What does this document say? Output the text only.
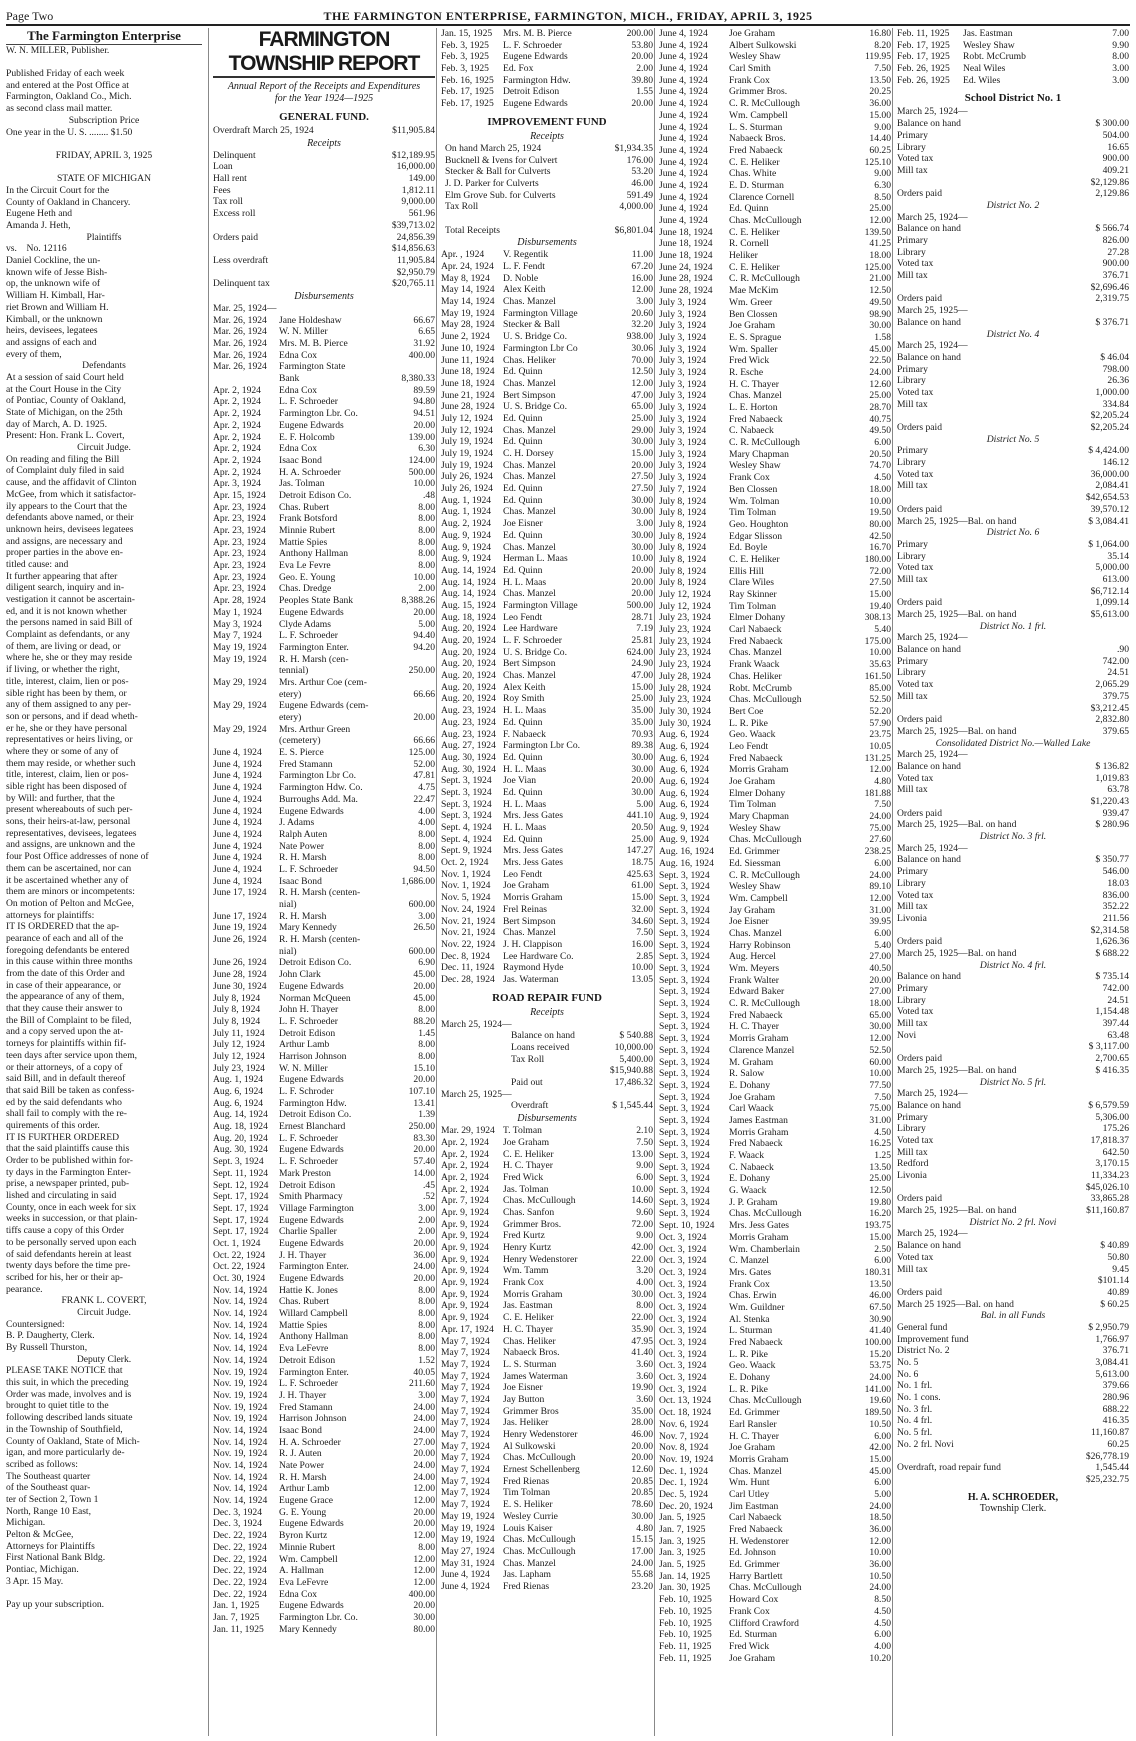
Page Two	THE FARMINGTON ENTERPRISE, FARMINGTON, MICH., FRIDAY, APRIL 3, 1925
The Farmington Enterprise
W. N. MILLER, Publisher.
Published Friday of each week
and entered at the Post Office at
Farmington, Oakland Co., Mich.
as second class mail matter.
Subscription Price
One year in the U. S. ........ $1.50
FRIDAY, APRIL 3, 1925
STATE OF MICHIGAN
In the Circuit Court for the
County of Oakland in Chancery.
Eugene Heth and
Amanda J. Heth,
Plaintiffs
vs.    No. 12116
Daniel Cockline, the un-
known wife of Jesse Bish-
op, the unknown wife of
William H. Kimball, Har-
riet Brown and William H.
Kimball, or the unknown
heirs, devisees, legatees
and assigns of each and
every of them,
Defendants
At a session of said Court held
at the Court House in the City
of Pontiac, County of Oakland,
State of Michigan, on the 25th
day of March, A. D. 1925.
Present: Hon. Frank L. Covert,
Circuit Judge.
On reading and filing the Bill
of Complaint duly filed in said
cause, and the affidavit of Clinton
McGee, from which it satisfactor-
ily appears to the Court that the
defendants above named, or their
unknown heirs, devisees legatees
and assigns, are necessary and
proper parties in the above en-
titled cause: and
It further appearing that after
diligent search, inquiry and in-
vestigation it cannot be ascertain-
ed, and it is not known whether
the persons named in said Bill of
Complaint as defendants, or any
of them, are living or dead, or
where he, she or they may reside
if living, or whether the right,
title, interest, claim, lien or pos-
sible right has been by them, or
any of them assigned to any per-
son or persons, and if dead wheth-
er he, she or they have personal
representatives or heirs living, or
where they or some of any of
them may reside, or whether such
title, interest, claim, lien or pos-
sible right has been disposed of
by Will: and further, that the
present whereabouts of such per-
sons, their heirs-at-law, personal
representatives, devisees, legatees
and assigns, are unknown and the
four Post Office addresses of none of
them can be ascertained, nor can
it be ascertained whether any of
them are minors or incompetents:
On motion of Pelton and McGee,
attorneys for plaintiffs:
IT IS ORDERED that the ap-
pearance of each and all of the
foregoing defendants be entered
in this cause within three months
from the date of this Order and
in case of their appearance, or
the appearance of any of them,
that they cause their answer to
the Bill of Complaint to be filed,
and a copy served upon the at-
torneys for plaintiffs within fif-
teen days after service upon them,
or their attorneys, of a copy of
said Bill, and in default thereof
that said Bill be taken as confess-
ed by the said defendants who
shall fail to comply with the re-
quirements of this order.
IT IS FURTHER ORDERED
that the said plaintiffs cause this
Order to be published within for-
ty days in the Farmington Enter-
prise, a newspaper printed, pub-
lished and circulating in said
County, once in each week for six
weeks in succession, or that plain-
tiffs cause a copy of this Order
to be personally served upon each
of said defendants herein at least
twenty days before the time pre-
scribed for his, her or their ap-
pearance.
FRANK L. COVERT,
Circuit Judge.
Countersigned:
B. P. Daugherty, Clerk.
By Russell Thurston,
Deputy Clerk.
PLEASE TAKE NOTICE that
this suit, in which the preceding
Order was made, involves and is
brought to quiet title to the
following described lands situate
in the Township of Southfield,
County of Oakland, State of Mich-
igan, and more particularly de-
scribed as follows:
The Southeast quarter
of the Southeast quar-
ter of Section 2, Town 1
North, Range 10 East,
Michigan.
Pelton & McGee,
Attorneys for Plaintiffs
First National Bank Bldg.
Pontiac, Michigan.
3 Apr. 15 May.
Pay up your subscription.
FARMINGTON TOWNSHIP REPORT
Annual Report of the Receipts and Expenditures for the Year 1924—1925
GENERAL FUND.
Overdraft March 25, 1924	$11,905.84
Receipts
Delinquent	$12,189.95
Loan	16,000.00
Hall rent	149.00
Fees	1,812.11
Tax roll	9,000.00
Excess roll	561.96
$39,713.02
Orders paid	24,856.39
$14,856.63
Less overdraft	11,905.84
$2,950.79
Delinquent tax	$20,765.11
Disbursements
Mar. 25, 1924—
Mar. 26, 1924	Jane Holdeshaw	66.67
Mar. 26, 1924	W. N. Miller	6.65
Mar. 26, 1924	Mrs. M. B. Pierce	31.92
Mar. 26, 1924	Edna Cox	400.00
Mar. 26, 1924	Farmington State
Bank	8,380.33
Apr. 2, 1924	Edna Cox	89.59
Apr. 2, 1924	L. F. Schroeder	94.80
Apr. 2, 1924	Farmington Lbr. Co.	94.51
Apr. 2, 1924	Eugene Edwards	20.00
Apr. 2, 1924	E. F. Holcomb	139.00
Apr. 2, 1924	Edna Cox	6.30
Apr. 2, 1924	Isaac Bond	124.00
Apr. 2, 1924	H. A. Schroeder	500.00
Apr. 3, 1924	Jas. Tolman	10.00
Apr. 15, 1924	Detroit Edison Co.	.48
Apr. 23, 1924	Chas. Rubert	8.00
Apr. 23, 1924	Frank Botsford	8.00
Apr. 23, 1924	Minnie Rubert	8.00
Apr. 23, 1924	Mattie Spies	8.00
Apr. 23, 1924	Anthony Hallman	8.00
Apr. 23, 1924	Eva Le Fevre	8.00
Apr. 23, 1924	Geo. E. Young	10.00
Apr. 23, 1924	Chas. Dredge	2.00
Apr. 28, 1924	Peoples State Bank	8,388.26
May 1, 1924	Eugene Edwards	20.00
May 3, 1924	Clyde Adams	5.00
May 7, 1924	L. F. Schroeder	94.40
May 19, 1924	Farmington Enter.	94.20
May 19, 1924	R. H. Marsh (cen-
tennial)	250.00
May 29, 1924	Mrs. Arthur Coe (cem-
etery)	66.66
May 29, 1924	Eugene Edwards (cem-
etery)	20.00
May 29, 1924	Mrs. Arthur Green
(cemetery)	66.66
June 4, 1924	E. S. Pierce	125.00
June 4, 1924	Fred Stamann	52.00
June 4, 1924	Farmington Lbr Co.	47.81
June 4, 1924	Farmington Hdw. Co.	4.75
June 4, 1924	Burroughs Add. Ma.	22.47
June 4, 1924	Eugene Edwards	4.00
June 4, 1924	J. Adams	4.00
June 4, 1924	Ralph Auten	8.00
June 4, 1924	Nate Power	8.00
June 4, 1924	R. H. Marsh	8.00
June 4, 1924	L. F. Schroeder	94.50
June 4, 1924	Isaac Bond	1,686.00
June 17, 1924	R. H. Marsh (centen-
nial)	600.00
June 17, 1924	R. H. Marsh	3.00
June 19, 1924	Mary Kennedy	26.50
June 26, 1924	R. H. Marsh (centen-
nial)	600.00
June 26, 1924	Detroit Edison Co.	6.90
June 28, 1924	John Clark	45.00
June 30, 1924	Eugene Edwards	20.00
July 8, 1924	Norman McQueen	45.00
July 8, 1924	John H. Thayer	8.00
July 8, 1924	L. F. Schroeder	88.20
July 11, 1924	Detroit Edison	1.45
July 12, 1924	Arthur Lamb	8.00
July 12, 1924	Harrison Johnson	8.00
July 23, 1924	W. N. Miller	15.10
Aug. 1, 1924	Eugene Edwards	20.00
Aug. 6, 1924	L. F. Schroder	107.10
Aug. 6, 1924	Farmington Hdw.	13.41
Aug. 14, 1924	Detroit Edison Co.	1.39
Aug. 18, 1924	Ernest Blanchard	250.00
Aug. 20, 1924	L. F. Schroeder	83.30
Aug. 30, 1924	Eugene Edwards	20.00
Sept. 3, 1924	L. F. Schroeder	57.40
Sept. 11, 1924	Mark Preston	14.00
Sept. 12, 1924	Detroit Edison	.45
Sept. 17, 1924	Smith Pharmacy	.52
Sept. 17, 1924	Village Farmington	3.00
Sept. 17, 1924	Eugene Edwards	2.00
Sept. 17, 1924	Charlie Spaller	2.00
Oct. 1, 1924	Eugene Edwards	20.00
Oct. 22, 1924	J. H. Thayer	36.00
Oct. 22, 1924	Farmington Enter.	24.00
Oct. 30, 1924	Eugene Edwards	20.00
Nov. 14, 1924	Hattie K. Jones	8.00
Nov. 14, 1924	Chas. Rubert	8.00
Nov. 14, 1924	Willard Campbell	8.00
Nov. 14, 1924	Mattie Spies	8.00
Nov. 14, 1924	Anthony Hallman	8.00
Nov. 14, 1924	Eva LeFevre	8.00
Nov. 14, 1924	Detroit Edison	1.52
Nov. 19, 1924	Farmington Enter.	40.05
Nov. 19, 1924	L. F. Schroeder	211.60
Nov. 19, 1924	J. H. Thayer	3.00
Nov. 19, 1924	Fred Stamann	24.00
Nov. 19, 1924	Harrison Johnson	24.00
Nov. 14, 1924	Isaac Bond	24.00
Nov. 14, 1924	H. A. Schroeder	27.00
Nov. 19, 1924	R. J. Auten	20.00
Nov. 14, 1924	Nate Power	24.00
Nov. 14, 1924	R. H. Marsh	24.00
Nov. 14, 1924	Arthur Lamb	12.00
Nov. 14, 1924	Eugene Grace	12.00
Dec. 3, 1924	G. E. Young	20.00
Dec. 3, 1924	Eugene Edwards	20.00
Dec. 22, 1924	Byron Kurtz	12.00
Dec. 22, 1924	Minnie Rubert	8.00
Dec. 22, 1924	Wm. Campbell	12.00
Dec. 22, 1924	A. Hallman	12.00
Dec. 22, 1924	Eva LeFevre	12.00
Dec. 22, 1924	Edna Cox	400.00
Jan. 1, 1925	Eugene Edwards	20.00
Jan. 7, 1925	Farmington Lbr. Co.	30.00
Jan. 11, 1925	Mary Kennedy	80.00
Jan. 15, 1925	Mrs. M. B. Pierce	200.00
Feb. 3, 1925	L. F. Schroeder	53.80
Feb. 3, 1925	Eugene Edwards	20.00
Feb. 3, 1925	Ed. Fox	2.00
Feb. 16, 1925 Farmington Hdw.	39.80
Feb. 17, 1925 Detroit Edison	1.55
Feb. 17, 1925 Eugene Edwards	20.00
IMPROVEMENT FUND
Receipts
On hand March 25, 1924	$1,934.35
Bucknell & Ivens for Culvert	176.00
Stecker & Ball for Culverts	53.20
J. D. Parker for Culverts	46.00
Elm Grove Sub. for Culverts	591.49
Tax Roll	4,000.00
Total Receipts	$6,801.04
Disbursements
Apr. , 1924	V. Regentik	11.00
Apr. 24, 1924 L. F. Fendt	67.20
May 8, 1924	D. Noble	16.00
May 14, 1924 Alex Keith	12.00
May 14, 1924 Chas. Manzel	3.00
May 19, 1924 Farmington Village	20.60
May 28, 1924 Stecker & Ball	32.20
June 2, 1924	U. S. Bridge Co.	938.00
June 10, 1924 Farmington Lbr Co	30.06
June 11, 1924 Chas. Heliker	70.00
June 18, 1924 Ed. Quinn	12.50
June 18, 1924 Chas. Manzel	12.00
June 21, 1924 Bert Simpson	47.00
June 28, 1924 U. S. Bridge Co.	65.00
July 12, 1924	Ed. Quinn	25.00
July 12, 1924	Chas. Manzel	29.00
July 19, 1924	Ed. Quinn	30.00
July 19, 1924	C. H. Dorsey	15.00
July 19, 1924	Chas. Manzel	20.00
July 26, 1924	Chas. Manzel	27.50
July 26, 1924	Ed. Quinn	27.50
Aug. 1, 1924	Ed. Quinn	30.00
Aug. 1, 1924	Chas. Manzel	30.00
Aug. 2, 1924	Joe Eisner	3.00
Aug. 9, 1924	Ed. Quinn	30.00
Aug. 9, 1924	Chas. Manzel	30.00
Aug. 9, 1924	Herman L. Maas	10.00
Aug. 14, 1924 Ed. Quinn	20.00
Aug. 14, 1924 H. L. Maas	20.00
Aug. 14, 1924 Chas. Manzel	20.00
Aug. 15, 1924 Farmington Village	500.00
Aug. 18, 1924 Leo Fendt	28.71
Aug. 20, 1924 Lee Hardware	7.19
Aug. 20, 1924 L. F. Schroeder	25.81
Aug. 20, 1924 U. S. Bridge Co.	624.00
Aug. 20, 1924 Bert Simpson	24.90
Aug. 20, 1924 Chas. Manzel	47.00
Aug. 20, 1924 Alex Keith	15.00
Aug. 20, 1924 Roy Smith	25.00
Aug. 23, 1924 H. L. Maas	35.00
Aug. 23, 1924 Ed. Quinn	35.00
Aug. 23, 1924 F. Nabaeck	70.93
Aug. 27, 1924 Farmington Lbr Co.	89.38
Aug. 30, 1924 Ed. Quinn	30.00
Aug. 30, 1924 H. L. Maas	30.00
Sept. 3, 1924	Joe Vian	20.00
Sept. 3, 1924	Ed. Quinn	30.00
Sept. 3, 1924	H. L. Maas	5.00
Sept. 3, 1924	Mrs. Jess Gates	441.10
Sept. 4, 1924	H. L. Maas	20.50
Sept. 4, 1924	Ed. Quinn	25.00
Sept. 9, 1924	Mrs. Jess Gates	147.27
Oct. 2, 1924	Mrs. Jess Gates	18.75
Nov. 1, 1924	Leo Fendt	425.63
Nov. 1, 1924	Joe Graham	61.00
Nov. 5, 1924	Morris Graham	15.00
Nov. 24, 1924 Frel Reinas	32.00
Nov. 21, 1924 Bert Simpson	34.60
Nov. 21, 1924 Chas. Manzel	7.50
Nov. 22, 1924 J. H. Clappison	16.00
Dec. 8, 1924	Lee Hardware Co.	2.85
Dec. 11, 1924 Raymond Hyde	10.00
Dec. 28, 1924 Jas. Waterman	13.05
ROAD REPAIR FUND
Receipts
March 25, 1924—
Balance on hand	$ 540.88
Loans received	10,000.00
Tax Roll	5,400.00
$15,940.88
Paid out	17,486.32
March 25, 1925—
Overdraft	$ 1,545.44
Disbursements
Mar. 29, 1924 T. Tolman	2.10
Apr. 2, 1924	Joe Graham	7.50
Apr. 2, 1924	C. E. Heliker	13.00
Apr. 2, 1924	H. C. Thayer	9.00
Apr. 2, 1924	Fred Wick	6.00
Apr. 2, 1924	Jas. Tolman	10.00
Apr. 7, 1924	Chas. McCullough	14.60
Apr. 9, 1924	Chas. Sanfon	9.60
Apr. 9, 1924	Grimmer Bros.	72.00
Apr. 9, 1924	Fred Kurtz	9.00
Apr. 9, 1924	Henry Kurtz	42.00
Apr. 9, 1924	Henry Wedenstorer	22.00
Apr. 9, 1924	Wm. Tamm	3.20
Apr. 9, 1924	Frank Cox	4.00
Apr. 9, 1924	Morris Graham	30.00
Apr. 9, 1924	Jas. Eastman	8.00
Apr. 9, 1924	C. E. Heliker	22.00
Apr. 17, 1924 H. C. Thayer	35.90
May 7, 1924	Chas. Heliker	47.95
May 7, 1924	Nabaeck Bros.	41.40
May 7, 1924	L. S. Sturman	3.60
May 7, 1924	James Waterman	3.60
May 7, 1924	Joe Eisner	19.90
May 7, 1924	Jay Button	3.60
May 7, 1924	Grimmer Bros	35.00
May 7, 1924	Jas. Heliker	28.00
May 7, 1924	Henry Wedenstorer	46.00
May 7, 1924	Al Sulkowski	20.00
May 7, 1924	Chas. McCullough	20.00
May 7, 1924	Ernest Schellenberg	12.60
May 7, 1924	Fred Rienas	20.85
May 7, 1924	Tim Tolman	20.85
May 7, 1924	E. S. Heliker	78.60
May 19, 1924 Wesley Currie	30.00
May 19, 1924 Louis Kaiser	4.80
May 19, 1924 Chas. McCullough	15.15
May 27, 1924 Chas. McCullough	17.00
May 31, 1924 Chas. Manzel	24.00
June 4, 1924	Jas. Lapham	55.68
June 4, 1924	Fred Rienas	23.20
June 4, 1924	Joe Graham	16.80
June 4, 1924	Albert Sulkowski	8.20
June 4, 1924	Wesley Shaw	119.95
June 4, 1924	Carl Smith	7.50
June 4, 1924	Frank Cox	13.50
June 4, 1924	Grimmer Bros.	20.25
June 4, 1924	C. R. McCullough	36.00
June 4, 1924	Wm. Campbell	15.00
June 4, 1924	L. S. Sturman	9.00
June 4, 1924	Nabaeck Bros.	14.40
June 4, 1924	Fred Nabaeck	60.25
June 4, 1924	C. E. Heliker	125.10
June 4, 1924	Chas. White	9.00
June 4, 1924	E. D. Sturman	6.30
June 4, 1924	Clarence Cornell	8.50
June 4, 1924	Ed. Quinn	25.00
June 4, 1924	Chas. McCullough	12.00
June 18, 1924	C. E. Heliker	139.50
June 18, 1924	R. Cornell	41.25
June 18, 1924	Heliker	18.00
June 24, 1924	C. E. Heliker	125.00
June 28, 1924	C. R. McCullough	21.00
June 28, 1924	Mae McKim	12.50
July 3, 1924	Wm. Greer	49.50
July 3, 1924	Ben Clossen	98.90
July 3, 1924	Joe Graham	30.00
July 3, 1924	E. S. Sprague	1.58
July 3, 1924	Wm. Spaller	45.00
July 3, 1924	Fred Wick	22.50
July 3, 1924	R. Esche	24.00
July 3, 1924	H. C. Thayer	12.60
July 3, 1924	Chas. Manzel	25.00
July 3, 1924	L. E. Horton	28.70
July 3, 1924	Fred Nabaeck	40.75
July 3, 1924	C. Nabaeck	49.50
July 3, 1924	C. R. McCullough	6.00
July 3, 1924	Mary Chapman	20.50
July 3, 1924	Wesley Shaw	74.70
July 3, 1924	Frank Cox	4.50
July 7, 1924	Ben Clossen	18.00
July 8, 1924	Wm. Tolman	10.00
July 8, 1924	Tim Tolman	19.50
July 8, 1924	Geo. Houghton	80.00
July 8, 1924	Edgar Slisson	42.50
July 8, 1924	Ed. Boyle	16.70
July 8, 1924	C. E. Heliker	180.00
July 8, 1924	Ellis Hill	72.00
July 8, 1924	Clare Wiles	27.50
July 12, 1924	Ray Skinner	15.00
July 12, 1924	Tim Tolman	19.40
July 23, 1924	Elmer Dohany	308.13
July 23, 1924	Carl Nabaeck	5.40
July 23, 1924	Fred Nabaeck	175.00
July 23, 1924	Chas. Manzel	10.00
July 23, 1924	Frank Waack	35.63
July 28, 1924	Chas. Heliker	161.50
July 28, 1924	Robt. McCrumb	85.00
July 23, 1924	Chas. McCullough	52.50
July 30, 1924	Bert Coe	52.20
July 30, 1924	L. R. Pike	57.90
Aug. 6, 1924	Geo. Waack	23.75
Aug. 6, 1924	Leo Fendt	10.05
Aug. 6, 1924	Fred Nabaeck	131.25
Aug. 6, 1924	Morris Graham	12.00
Aug. 6, 1924	Joe Graham	4.80
Aug. 6, 1924	Elmer Dohany	181.88
Aug. 6, 1924	Tim Tolman	7.50
Aug. 9, 1924	Mary Chapman	24.00
Aug. 9, 1924	Wesley Shaw	75.00
Aug. 9, 1924	Chas. McCullough	27.60
Aug. 16, 1924	Ed. Grimmer	238.25
Aug. 16, 1924	Ed. Siessman	6.00
Sept. 3, 1924	C. R. McCullough	24.00
Sept. 3, 1924	Wesley Shaw	89.10
Sept. 3, 1924	Wm. Campbell	12.00
Sept. 3, 1924	Jay Graham	31.00
Sept. 3, 1924	Joe Eisner	39.95
Sept. 3, 1924	Chas. Manzel	6.00
Sept. 3, 1924	Harry Robinson	5.40
Sept. 3, 1924	Aug. Hercel	27.00
Sept. 3, 1924	Wm. Meyers	40.50
Sept. 3, 1924	Frank Walter	20.00
Sept. 3, 1924	Edward Baker	27.00
Sept. 3, 1924	C. R. McCullough	18.00
Sept. 3, 1924	Fred Nabaeck	65.00
Sept. 3, 1924	H. C. Thayer	30.00
Sept. 3, 1924	Morris Graham	12.00
Sept. 3, 1924	Clarence Manzel	52.50
Sept. 3, 1924	M. Graham	60.00
Sept. 3, 1924	R. Salow	10.00
Sept. 3, 1924	E. Dohany	77.50
Sept. 3, 1924	Joe Graham	7.50
Sept. 3, 1924	Carl Waack	75.00
Sept. 3, 1924	James Eastman	31.00
Sept. 3, 1924	Morris Graham	4.50
Sept. 3, 1924	Fred Nabaeck	16.25
Sept. 3, 1924	F. Waack	1.25
Sept. 3, 1924	C. Nabaeck	13.50
Sept. 3, 1924	E. Dohany	25.00
Sept. 3, 1924	G. Waack	12.50
Sept. 3, 1924	J. P. Graham	19.80
Sept. 3, 1924	Chas. McCullough	16.20
Sept. 10, 1924	Mrs. Jess Gates	193.75
Oct. 3, 1924	Morris Graham	15.00
Oct. 3, 1924	Wm. Chamberlain	2.50
Oct. 3, 1924	C. Manzel	6.00
Oct. 3, 1924	Mrs. Gates	180.31
Oct. 3, 1924	Frank Cox	13.50
Oct. 3, 1924	Chas. Erwin	46.00
Oct. 3, 1924	Wm. Guildner	67.50
Oct. 3, 1924	Al. Stenka	30.90
Oct. 3, 1924	L. Sturman	41.40
Oct. 3, 1924	Fred Nabaeck	100.00
Oct. 3, 1924	L. R. Pike	15.20
Oct. 3, 1924	Geo. Waack	53.75
Oct. 3, 1924	E. Dohany	24.00
Oct. 3, 1924	L. R. Pike	141.00
Oct. 13, 1924	Chas. McCullough	19.60
Oct. 18, 1924	Ed. Grimmer	189.50
Nov. 6, 1924	Earl Ransler	10.50
Nov. 7, 1924	H. C. Thayer	6.00
Nov. 8, 1924	Joe Graham	42.00
Nov. 19, 1924	Morris Graham	15.00
Dec. 1, 1924	Chas. Manzel	45.00
Dec. 1, 1924	Wm. Hunt	6.00
Dec. 5, 1924	Carl Utley	5.00
Dec. 20, 1924	Jim Eastman	24.00
Jan. 5, 1925	Carl Nabaeck	18.50
Jan. 7, 1925	Fred Nabaeck	36.00
Jan. 3, 1925	H. Wedenstorer	12.00
Jan. 3, 1925	Ed. Johnson	10.00
Jan. 5, 1925	Ed. Grimmer	36.00
Jan. 14, 1925	Harry Bartlett	10.50
Jan. 30, 1925	Chas. McCullough	24.00
Feb. 10, 1925	Howard Cox	8.50
Feb. 10, 1925	Frank Cox	4.50
Feb. 10, 1925	Clifford Crawford	4.50
Feb. 10, 1925	Ed. Sturman	6.00
Feb. 11, 1925	Fred Wick	4.00
Feb. 11, 1925	Joe Graham	10.20
Feb. 11, 1925	Jas. Eastman	7.00
Feb. 17, 1925	Wesley Shaw	9.90
Feb. 17, 1925	Robt. McCrumb	8.00
Feb. 26, 1925	Neal Wiles	3.00
Feb. 26, 1925	Ed. Wiles	3.00
School District No. 1
March 25, 1924—
Balance on hand	$ 300.00
Primary	504.00
Library	16.65
Voted tax	900.00
Mill tax	409.21
$2,129.86
Orders paid	2,129.86
District No. 2
March 25, 1924—
Balance on hand	$ 566.74
Primary	826.00
Library	27.28
Voted tax	900.00
Mill tax	376.71
$2,696.46
Orders paid	2,319.75
March 25, 1925—
Balance on hand	$ 376.71
District No. 4
March 25, 1924—
Balance on hand	$ 46.04
Primary	798.00
Library	26.36
Voted tax	1,000.00
Mill tax	334.84
$2,205.24
Orders paid	$2,205.24
District No. 5
Primary	$ 4,424.00
Library	146.12
Voted tax	36,000.00
Mill tax	2,084.41
$42,654.53
Orders paid	39,570.12
March 25, 1925—Bal. on hand	$ 3,084.41
District No. 6
Primary	$ 1,064.00
Library	35.14
Voted tax	5,000.00
Mill tax	613.00
$6,712.14
Orders paid	1,099.14
March 25, 1925—Bal. on hand	$5,613.00
District No. 1 frl.
March 25, 1924—
Balance on hand	.90
Primary	742.00
Library	24.51
Voted tax	2,065.29
Mill tax	379.75
$3,212.45
Orders paid	2,832.80
March 25, 1925—Bal. on hand	379.65
Consolidated District No.—Walled Lake
March 25, 1924—
Balance on hand	$ 136.82
Voted tax	1,019.83
Mill tax	63.78
$1,220.43
Orders paid	939.47
March 25, 1925—Bal. on hand	$ 280.96
District No. 3 frl.
March 25, 1924—
Balance on hand	$ 350.77
Primary	546.00
Library	18.03
Voted tax	836.00
Mill tax	352.22
Livonia	211.56
$2,314.58
Orders paid	1,626.36
March 25, 1925—Bal. on hand	$ 688.22
District No. 4 frl.
Balance on hand	$ 735.14
Primary	742.00
Library	24.51
Voted tax	1,154.48
Mill tax	397.44
Novi	63.48
$ 3,117.00
Orders paid	2,700.65
March 25, 1925—Bal. on hand	$ 416.35
District No. 5 frl.
March 25, 1924—
Balance on hand	$ 6,579.59
Primary	5,306.00
Library	175.26
Voted tax	17,818.37
Mill tax	642.50
Redford	3,170.15
Livonia	11,334.23
$45,026.10
Orders paid	33,865.28
March 25, 1925—Bal. on hand	$11,160.87
District No. 2 frl. Novi
March 25, 1924—
Balance on hand	$ 40.89
Voted tax	50.80
Mill tax	9.45
$101.14
Orders paid	40.89
March 25 1925—Bal. on hand	$ 60.25
Bal. in all Funds
General fund	$ 2,950.79
Improvement fund	1,766.97
District No. 2	376.71
No. 5	3,084.41
No. 6	5,613.00
No. 1 frl.	379.66
No. 1 cons.	280.96
No. 3 frl.	688.22
No. 4 frl.	416.35
No. 5 frl.	11,160.87
No. 2 frl. Novi	60.25
$26,778.19
Overdraft, road repair fund	1,545.44
$25,232.75
H. A. SCHROEDER,
Township Clerk.
